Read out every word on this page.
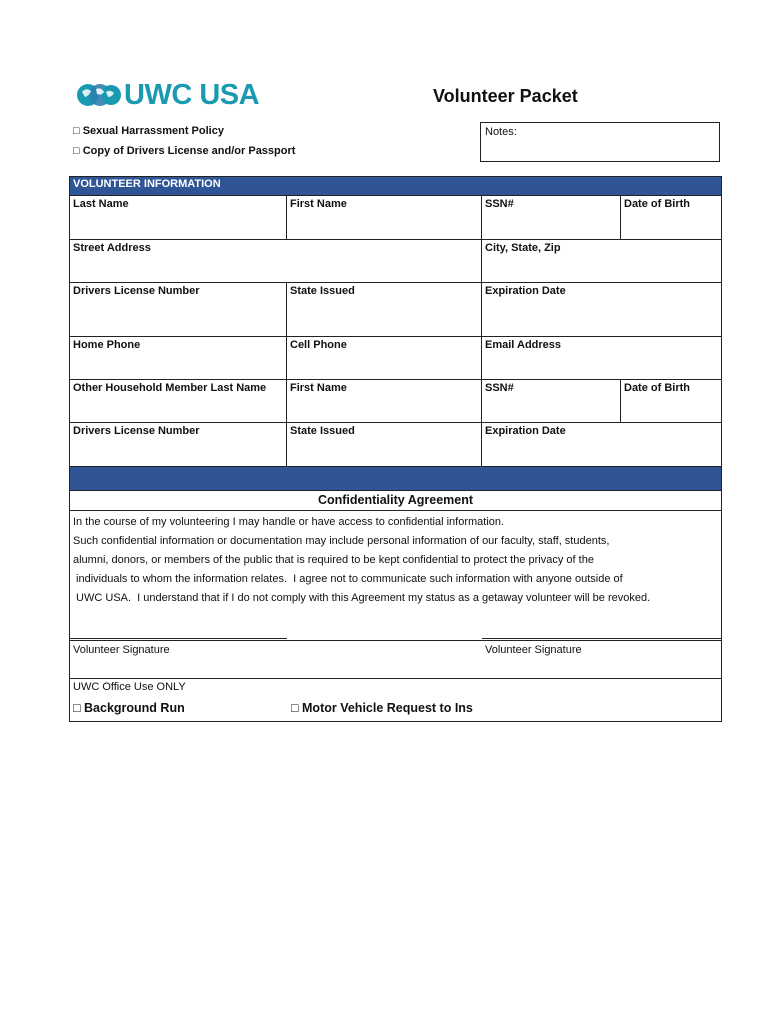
UWC USA	Volunteer Packet
□ Sexual Harrassment Policy
□ Copy of Drivers License and/or Passport
Notes:
VOLUNTEER INFORMATION			
Last Name	First Name	SSN#	Date of Birth
Street Address		City, State, Zip	
Drivers License Number	State Issued	Expiration Date	
Home Phone	Cell Phone	Email Address	
Other Household Member Last Name	First Name	SSN#	Date of Birth
Drivers License Number	State Issued	Expiration Date	

Confidentiality Agreement			

In the course of my volunteering I may handle or have access to confidential information.
Such confidential information or documentation may include personal information of our faculty, staff, students,
alumni, donors, or members of the public that is required to be kept confidential to protect the privacy of the
individuals to whom the information relates.  I agree not to communicate such information with anyone outside of
UWC USA.  I understand that if I do not comply with this Agreement my status as a getaway volunteer will be revoked.			

Volunteer Signature Volunteer Signature			

UWC Office Use ONLY
□ Background Run □ Motor Vehicle Request to Ins			
